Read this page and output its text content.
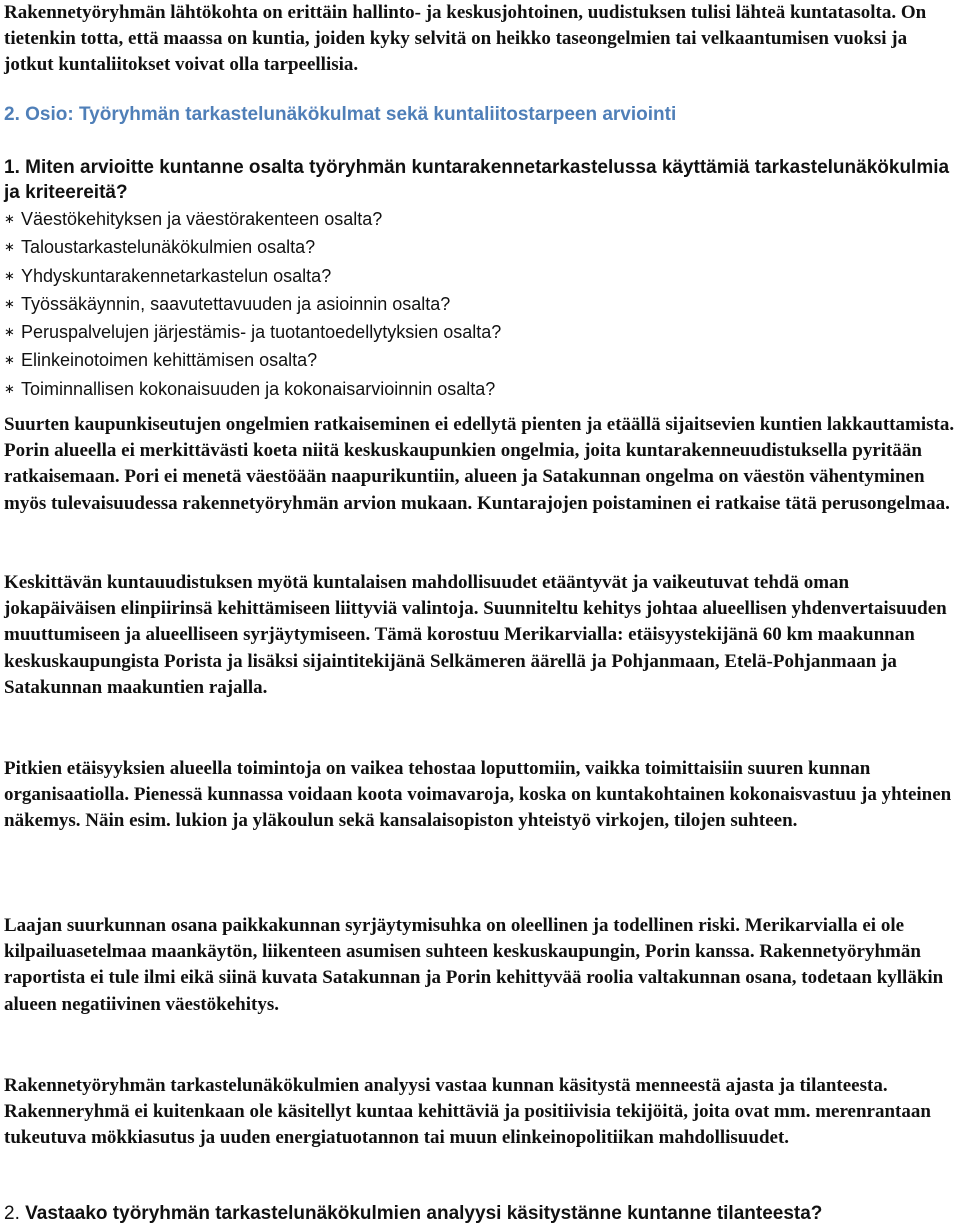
Rakennetyöryhmän lähtökohta on erittäin hallinto- ja keskusjohtoinen, uudistuksen tulisi lähteä kuntatasolta. On tietenkin totta, että maassa on kuntia, joiden kyky selvitä on heikko taseongelmien tai velkaantumisen vuoksi ja jotkut kuntaliitokset voivat olla tarpeellisia.

2. Osio: Työryhmän tarkastelunäkökulmat sekä kuntaliitostarpeen arviointi

1. Miten arvioitte kuntanne osalta työryhmän kuntarakennetarkastelussa käyttämiä tarkastelunäkökulmia ja kriteereitä?

∗ Väestökehityksen ja väestörakenteen osalta?
∗ Taloustarkastelunäkökulmien osalta?
∗ Yhdyskuntarakennetarkastelun osalta?
∗ Työssäkäynnin, saavutettavuuden ja asioinnin osalta?
∗ Peruspalvelujen järjestämis- ja tuotantoedellytyksien osalta?
∗ Elinkeinotoimen kehittämisen osalta?
∗ Toiminnallisen kokonaisuuden ja kokonaisarvioinnin osalta?

Suurten kaupunkiseutujen ongelmien ratkaiseminen ei edellytä pienten ja etäällä sijaitsevien kuntien lakkauttamista. Porin alueella ei merkittävästi koeta niitä keskuskaupunkien ongelmia, joita kuntarakenneuudistuksella pyritään ratkaisemaan. Pori ei menetä väestöään naapurikuntiin, alueen ja Satakunnan ongelma on väestön vähentyminen myös tulevaisuudessa rakennetyöryhmän arvion mukaan. Kuntarajojen poistaminen ei ratkaise tätä perusongelmaa.

Keskittävän kuntauudistuksen myötä kuntalaisen mahdollisuudet etääntyvät ja vaikeutuvat tehdä oman jokapäiväisen elinpiirinsä kehittämiseen liittyviä valintoja. Suunniteltu kehitys johtaa alueellisen yhdenvertaisuuden muuttumiseen ja alueelliseen syrjäytymiseen. Tämä korostuu Merikarvialla: etäisyystekijänä 60 km maakunnan keskuskaupungista Porista ja lisäksi sijaintitekijänä Selkämeren äärellä ja Pohjanmaan, Etelä-Pohjanmaan ja Satakunnan maakuntien rajalla.

Pitkien etäisyyksien alueella toimintoja on vaikea tehostaa loputtomiin, vaikka toimittaisiin suuren kunnan organisaatiolla. Pienessä kunnassa voidaan koota voimavaroja, koska on kuntakohtainen kokonaisvastuu ja yhteinen näkemys. Näin esim. lukion ja yläkoulun sekä kansalaisopiston yhteistyö virkojen, tilojen suhteen.

Laajan suurkunnan osana paikkakunnan syrjäytymisuhka on oleellinen ja todellinen riski. Merikarvialla ei ole kilpailuasetelmaa maankäytön, liikenteen asumisen suhteen keskuskaupungin, Porin kanssa. Rakennetyöryhmän raportista ei tule ilmi eikä siinä kuvata Satakunnan ja Porin kehittyvää roolia valtakunnan osana, todetaan kylläkin alueen negatiivinen väestökehitys.

Rakennetyöryhmän tarkastelunäkökulmien analyysi vastaa kunnan käsitystä menneestä ajasta ja tilanteesta. Rakenneryhmä ei kuitenkaan ole käsitellyt kuntaa kehittäviä ja positiivisia tekijöitä, joita ovat mm. merenrantaan tukeutuva mökkiasutus ja uuden energiatuotannon tai muun elinkeinopolitiikan mahdollisuudet.

2. Vastaako työryhmän tarkastelunäkökulmien analyysi käsitystänne kuntanne tilanteesta?
